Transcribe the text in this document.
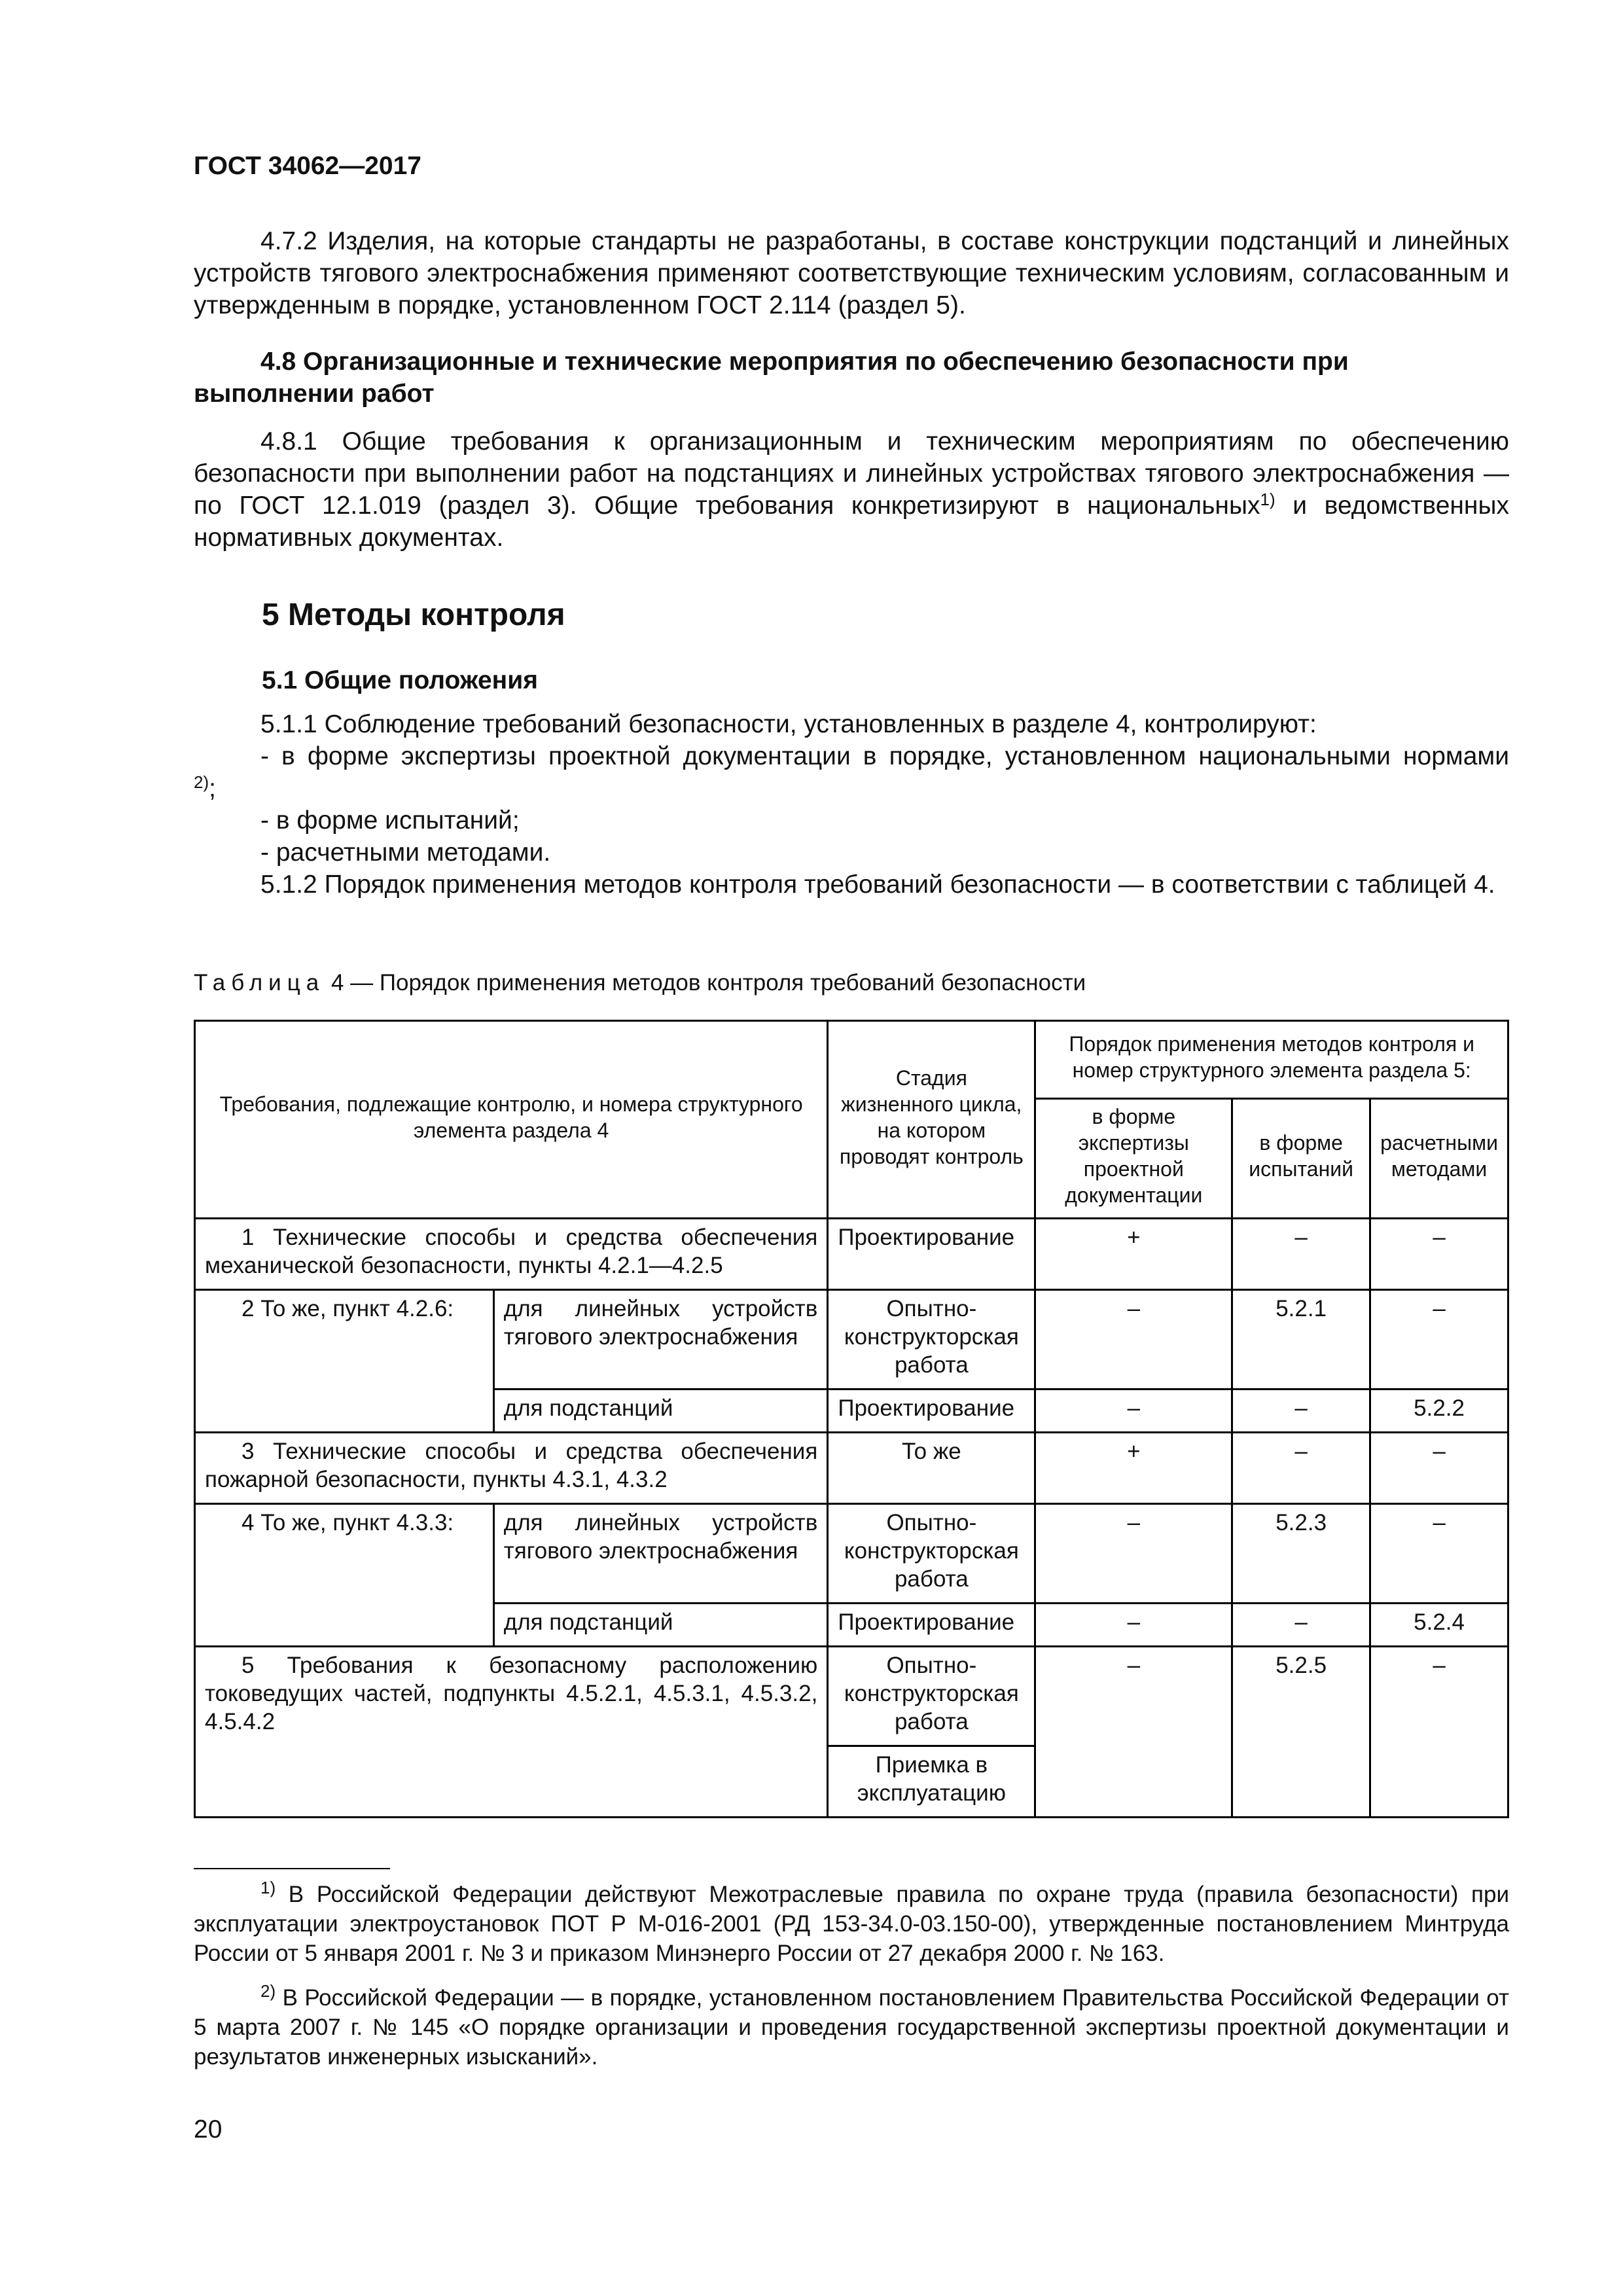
ГОСТ 34062—2017

4.7.2 Изделия, на которые стандарты не разработаны, в составе конструкции подстанций и линейных устройств тягового электроснабжения применяют соответствующие техническим условиям, согласованным и утвержденным в порядке, установленном ГОСТ 2.114 (раздел 5).

4.8 Организационные и технические мероприятия по обеспечению безопасности при выполнении работ

4.8.1 Общие требования к организационным и техническим мероприятиям по обеспечению безопасности при выполнении работ на подстанциях и линейных устройствах тягового электроснабжения — по ГОСТ 12.1.019 (раздел 3). Общие требования конкретизируют в национальных$^{1)}$ и ведомственных нормативных документах.

5 Методы контроля
5.1 Общие положения

5.1.1 Соблюдение требований безопасности, установленных в разделе 4, контролируют:

- в форме экспертизы проектной документации в порядке, установленном национальными нормами

$^{2)}$;

- в форме испытаний;

- расчетными методами.

5.1.2 Порядок применения методов контроля требований безопасности — в соответствии с таблицей 4.

Таблица 4 — Порядок применения методов контроля требований безопасности
Требования, подлежащие контролю, и номера структурного элемента раздела 4		Стадия жизненного цикла, на котором проводят контроль	Порядок применения методов контроля и номер структурного элемента раздела 5:		
			в форме экспертизы проектной документации	в форме испытаний	расчетными методами
1 Технические способы и средства обеспечения механической безопасности, пункты 4.2.1—4.2.5		Проектирование	+	–	–
2 То же, пункт 4.2.6:	для линейных устройств тягового электроснабжения	Опытно-конструкторская работа	–	5.2.1	–
	для подстанций	Проектирование	–	–	5.2.2
3 Технические способы и средства обеспечения пожарной безопасности, пункты 4.3.1, 4.3.2		То же	+	–	–
4 То же, пункт 4.3.3:	для линейных устройств тягового электроснабжения	Опытно-конструкторская работа	–	5.2.3	–
	для подстанций	Проектирование	–	–	5.2.4
5 Требования к безопасному расположению токоведущих частей, подпункты 4.5.2.1, 4.5.3.1, 4.5.3.2, 4.5.4.2		Опытно-конструкторская работа	–	5.2.5	–
		Приемка в эксплуатацию			

$^{1)}$ В Российской Федерации действуют Межотраслевые правила по охране труда (правила безопасности) при эксплуатации электроустановок ПОТ Р М-016-2001 (РД 153-34.0-03.150-00), утвержденные постановлением Минтруда России от 5 января 2001 г. № 3 и приказом Минэнерго России от 27 декабря 2000 г. № 163.

$^{2)}$ В Российской Федерации — в порядке, установленном постановлением Правительства Российской Федерации от 5 марта 2007 г. № 145 «О порядке организации и проведения государственной экспертизы проектной документации и результатов инженерных изысканий».

20
